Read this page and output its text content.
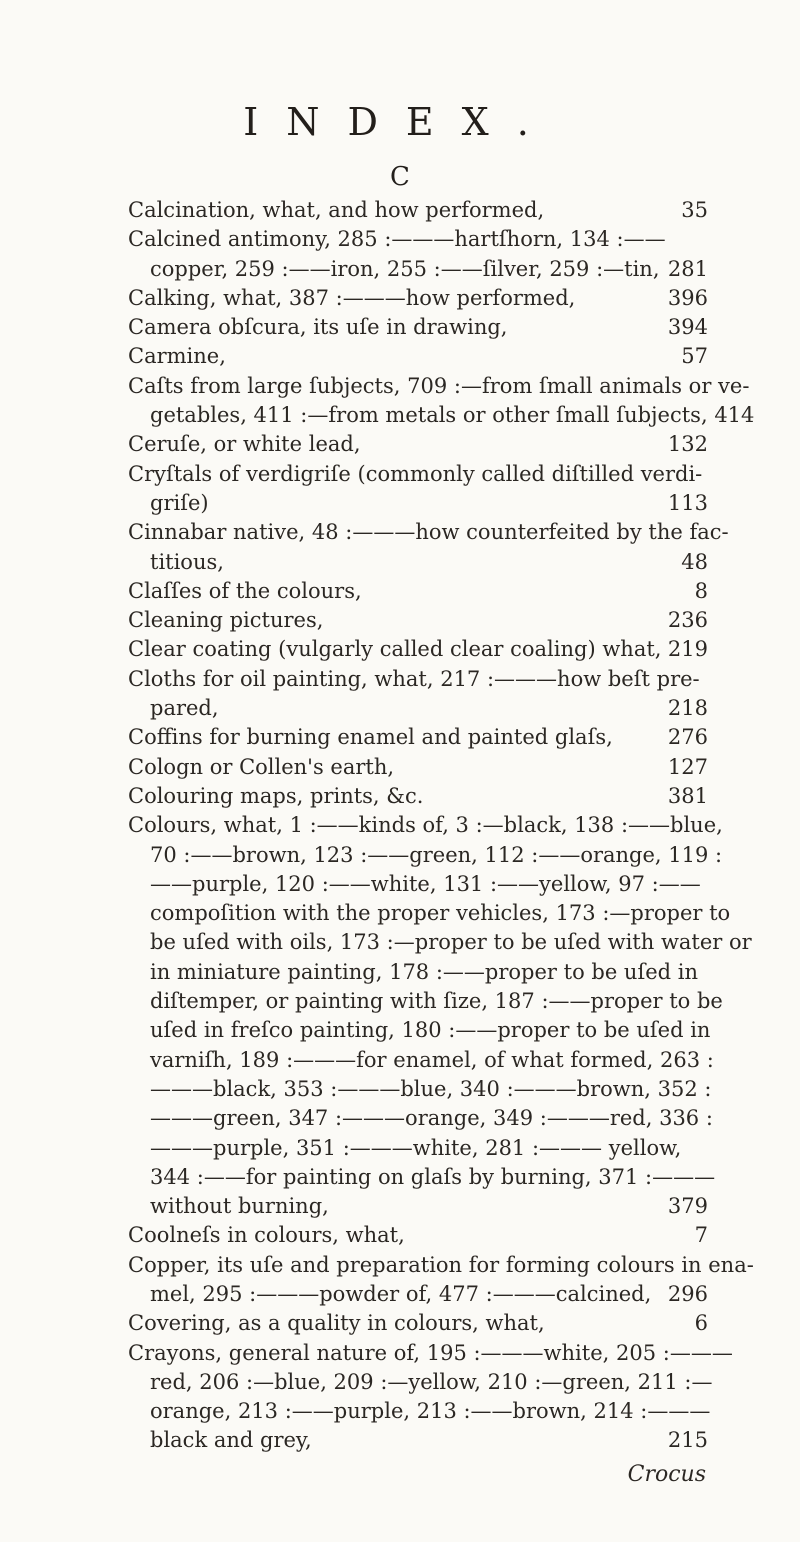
INDEX.
C
Calcination, what, and how performed,	35
Calcined antimony, 285 :———hartſhorn, 134 :——
copper, 259 :——iron, 255 :——ſilver, 259 :—tin, 281
Calking, what, 387 :———how performed,	396
Camera obſcura, its uſe in drawing,	394
Carmine,	57
Caſts from large ſubjects, 709 :—from ſmall animals or ve-
getables, 411 :—from metals or other ſmall ſubjects, 414
Ceruſe, or white lead,	132
Cryſtals of verdigriſe (commonly called diſtilled verdi-
griſe)	113
Cinnabar native, 48 :———how counterfeited by the fac-
titious,	48
Claſſes of the colours,	8
Cleaning pictures,	236
Clear coating (vulgarly called clear coaling) what, 219
Cloths for oil painting, what, 217 :———how beſt pre-
pared,	218
Coffins for burning enamel and painted glaſs,	276
Cologn or Collen's earth,	127
Colouring maps, prints, &c.	381
Colours, what, 1 :——kinds of, 3 :—black, 138 :——blue,
70 :——brown, 123 :——green, 112 :——orange, 119 :
——purple, 120 :——white, 131 :——yellow, 97 :——
compoſition with the proper vehicles, 173 :—proper to
be uſed with oils, 173 :—proper to be uſed with water or
in miniature painting, 178 :——proper to be uſed in
diſtemper, or painting with ſize, 187 :——proper to be
uſed in freſco painting, 180 :——proper to be uſed in
varniſh, 189 :———for enamel, of what formed, 263 :
———black, 353 :———blue, 340 :———brown, 352 :
———green, 347 :———orange, 349 :———red, 336 :
———purple, 351 :———white, 281 :——— yellow,
344 :——for painting on glaſs by burning, 371 :———
without burning,	379
Coolneſs in colours, what,	7
Copper, its uſe and preparation for forming colours in ena-
mel, 295 :———powder of, 477 :———calcined, 296
Covering, as a quality in colours, what,	6
Crayons, general nature of, 195 :———white, 205 :———
red, 206 :—blue, 209 :—yellow, 210 :—green, 211 :—
orange, 213 :——purple, 213 :——brown, 214 :———
black and grey,	215
Crocus
